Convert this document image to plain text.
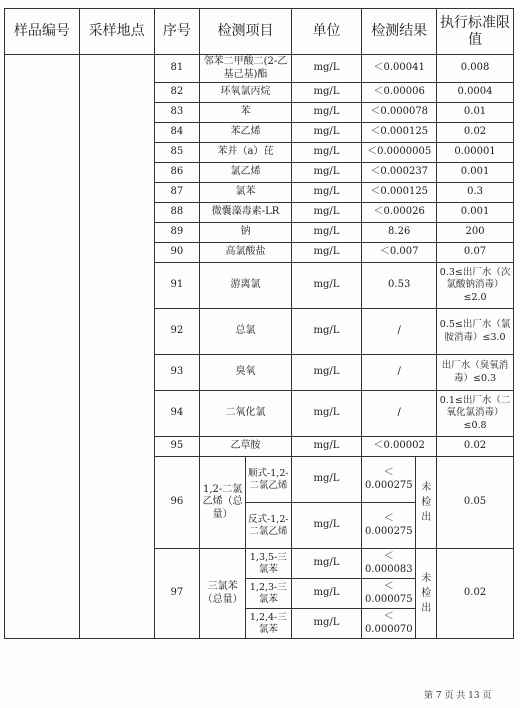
样品编号	采样地点	序号	检测项目		单位	检测结果		执行标准限值
		81	邻苯二甲酸二(2-乙基己基)酯		mg/L	＜0.00041		0.008
		82	环氧氯丙烷		mg/L	＜0.00006		0.0004
		83	苯		mg/L	＜0.000078		0.01
		84	苯乙烯		mg/L	＜0.000125		0.02
		85	苯并（a）芘		mg/L	＜0.0000005		0.00001
		86	氯乙烯		mg/L	＜0.000237		0.001
		87	氯苯		mg/L	＜0.000125		0.3
		88	微囊藻毒素-LR		mg/L	＜0.00026		0.001
		89	钠		mg/L	8.26		200
		90	高氯酸盐		mg/L	＜0.007		0.07
		91	游离氯		mg/L	0.53		0.3≤出厂水（次氯酸钠消毒）≤2.0
		92	总氯		mg/L	/		0.5≤出厂水（氯胺消毒）≤3.0
		93	臭氧		mg/L	/		出厂水（臭氧消毒）≤0.3
		94	二氧化氯		mg/L	/		0.1≤出厂水（二氧化氯消毒）≤0.8
		95	乙草胺		mg/L	＜0.00002		0.02
		96	1,2-二氯乙烯（总量）	顺式-1,2-二氯乙烯	mg/L	＜0.000275	未检出	0.05
				反式-1,2-二氯乙烯	mg/L	＜0.000275		
		97	三氯苯（总量）	1,3,5-三氯苯	mg/L	＜0.000083	未检出	0.02
				1,2,3-三氯苯	mg/L	＜0.000075		
				1,2,4-三氯苯	mg/L	＜0.000070		
第 7 页 共 13 页
